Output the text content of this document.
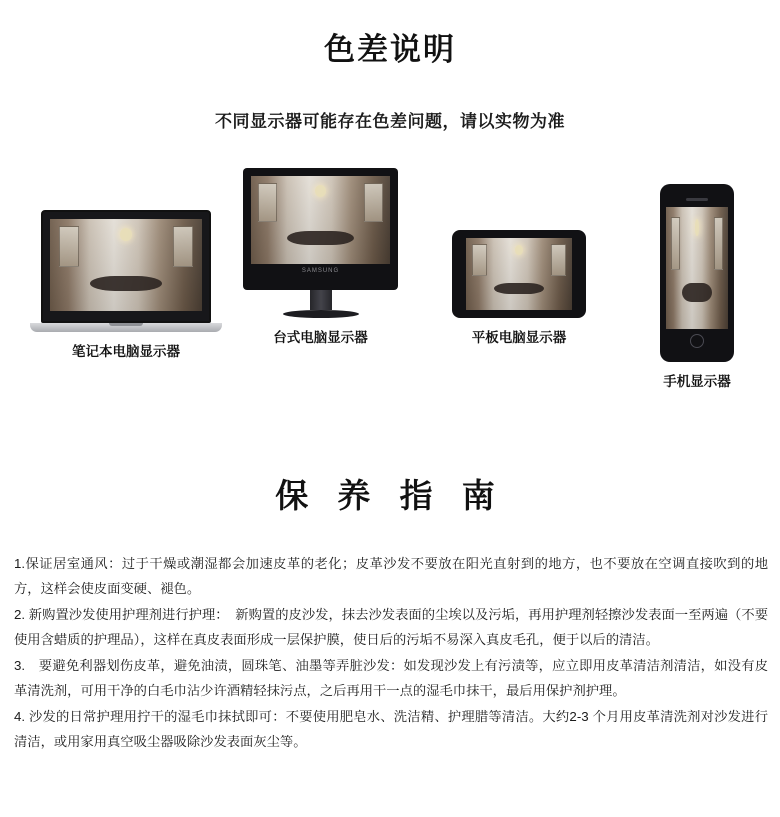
色差说明
不同显示器可能存在色差问题，请以实物为准
笔记本电脑显示器
SAMSUNG
台式电脑显示器	平板电脑显示器
手机显示器
保 养 指 南

1.保证居室通风：过于干燥或潮湿都会加速皮革的老化；皮革沙发不要放在阳光直射到的地方，也不要放在空调直接吹到的地方，这样会使皮面变硬、褪色。

2. 新购置沙发使用护理剂进行护理：　新购置的皮沙发，抹去沙发表面的尘埃以及污垢，再用护理剂轻擦沙发表面一至两遍（不要使用含蜡质的护理品），这样在真皮表面形成一层保护膜，使日后的污垢不易深入真皮毛孔，便于以后的清洁。

3.　要避免利器划伤皮革，避免油渍，圆珠笔、油墨等弄脏沙发：如发现沙发上有污渍等，应立即用皮革清洁剂清洁，如没有皮革清洗剂，可用干净的白毛巾沾少许酒精轻抹污点，之后再用干一点的湿毛巾抹干，最后用保护剂护理。

4. 沙发的日常护理用拧干的湿毛巾抹拭即可：不要使用肥皂水、洗洁精、护理腊等清洁。大约2-3 个月用皮革清洗剂对沙发进行清洁，或用家用真空吸尘器吸除沙发表面灰尘等。
